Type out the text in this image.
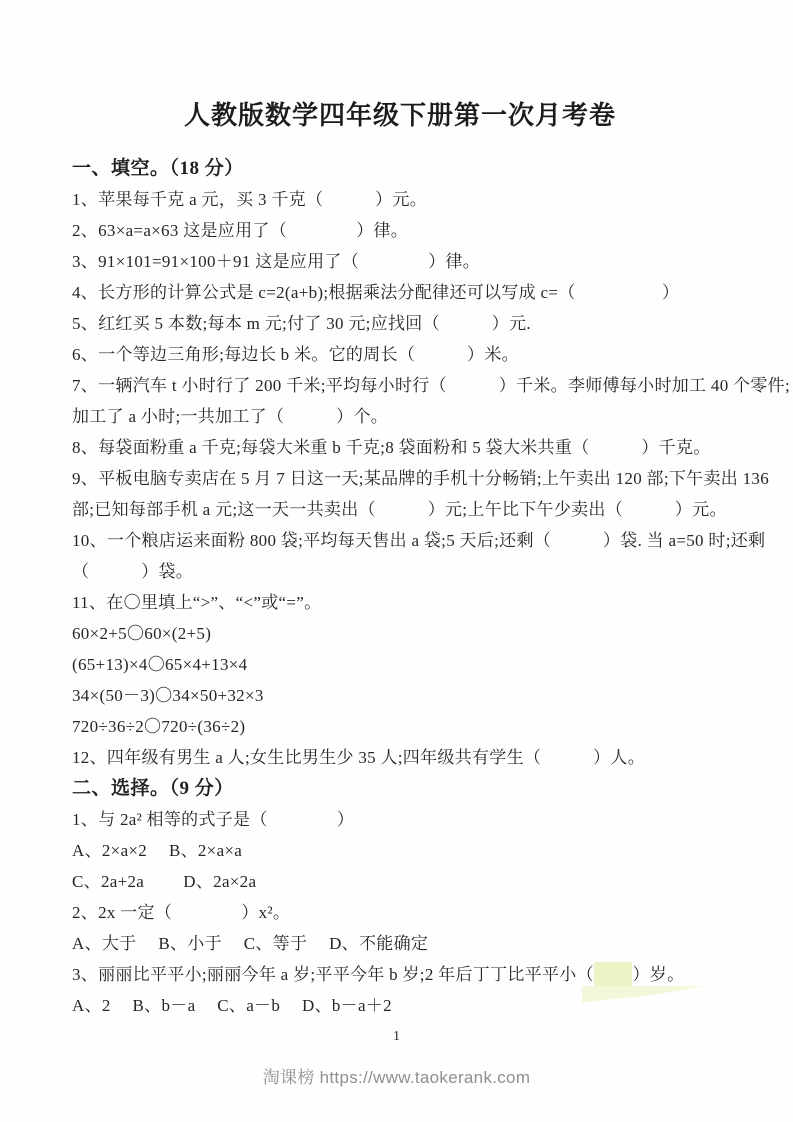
人教版数学四年级下册第一次月考卷

一、填空。（18 分）

1、苹果每千克 a 元，买 3 千克（　　　）元。

2、63×a=a×63 这是应用了（　　　　）律。

3、91×101=91×100＋91 这是应用了（　　　　）律。

4、长方形的计算公式是 c=2(a+b);根据乘法分配律还可以写成 c=（　　　　　）

5、红红买 5 本数;每本 m 元;付了 30 元;应找回（　　　）元.

6、一个等边三角形;每边长 b 米。它的周长（　　　）米。

7、一辆汽车 t 小时行了 200 千米;平均每小时行（　　　）千米。李师傅每小时加工 40 个零件;

加工了 a 小时;一共加工了（　　　）个。

8、每袋面粉重 a 千克;每袋大米重 b 千克;8 袋面粉和 5 袋大米共重（　　　）千克。

9、平板电脑专卖店在 5 月 7 日这一天;某品牌的手机十分畅销;上午卖出 120 部;下午卖出 136

部;已知每部手机 a 元;这一天一共卖出（　　　）元;上午比下午少卖出（　　　）元。

10、一个粮店运来面粉 800 袋;平均每天售出 a 袋;5 天后;还剩（　　　）袋. 当 a=50 时;还剩

（　　　）袋。

11、在〇里填上“>”、“<”或“=”。

60×2+5〇60×(2+5)

(65+13)×4〇65×4+13×4

34×(50－3)〇34×50+32×3

720÷36÷2〇720÷(36÷2)

12、四年级有男生 a 人;女生比男生少 35 人;四年级共有学生（　　　）人。

二、选择。（9 分）

1、与 2a² 相等的式子是（　　　　）

A、2×a×2　 B、2×a×a

C、2a+2a　 　D、2a×2a

2、2x 一定（　　　　）x²。

A、大于　 B、小于　 C、等于　 D、不能确定

3、丽丽比平平小;丽丽今年 a 岁;平平今年 b 岁;2 年后丁丁比平平小（　　 ）岁。

A、2　 B、b－a　 C、a－b　 D、b－a＋2

1
淘课榜 https://www.taokerank.com
